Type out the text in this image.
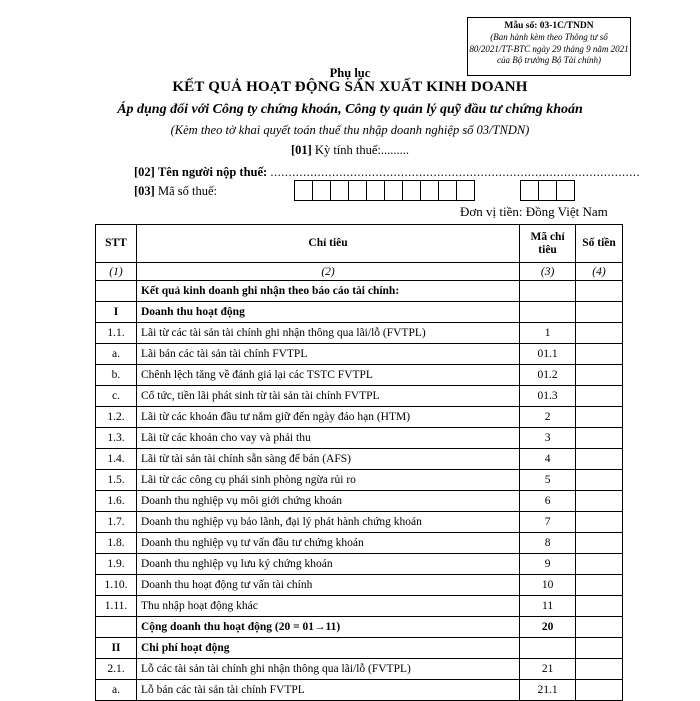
Mẫu số: 03-1C/TNDN
(Ban hành kèm theo Thông tư số 80/2021/TT-BTC ngày 29 tháng 9 năm 2021 của Bộ trưởng Bộ Tài chính)
Phụ lục
KẾT QUẢ HOẠT ĐỘNG SẢN XUẤT KINH DOANH
Áp dụng đối với Công ty chứng khoán, Công ty quản lý quỹ đầu tư chứng khoán
(Kèm theo tờ khai quyết toán thuế thu nhập doanh nghiệp số 03/TNDN)
[01] Kỳ tính thuế:.........
[02] Tên người nộp thuế: ......................................................................................................
[03] Mã số thuế:
Đơn vị tiền: Đồng Việt Nam
STT	Chỉ tiêu	Mã chỉ tiêu	Số tiền
(1)	(2)	(3)	(4)
	Kết quả kinh doanh ghi nhận theo báo cáo tài chính:		
I	Doanh thu hoạt động		
1.1.	Lãi từ các tài sản tài chính ghi nhận thông qua lãi/lỗ (FVTPL)	1	
a.	Lãi bán các tài sản tài chính FVTPL	01.1	
b.	Chênh lệch tăng về đánh giá lại các TSTC FVTPL	01.2	
c.	Cổ tức, tiền lãi phát sinh từ tài sản tài chính FVTPL	01.3	
1.2.	Lãi từ các khoản đầu tư nắm giữ đến ngày đáo hạn (HTM)	2	
1.3.	Lãi từ các khoản cho vay và phải thu	3	
1.4.	Lãi từ tài sản tài chính sẵn sàng để bán (AFS)	4	
1.5.	Lãi từ các công cụ phái sinh phòng ngừa rủi ro	5	
1.6.	Doanh thu nghiệp vụ môi giới chứng khoán	6	
1.7.	Doanh thu nghiệp vụ bảo lãnh, đại lý phát hành chứng khoán	7	
1.8.	Doanh thu nghiệp vụ tư vấn đầu tư chứng khoán	8	
1.9.	Doanh thu nghiệp vụ lưu ký chứng khoán	9	
1.10.	Doanh thu hoạt động tư vấn tài chính	10	
1.11.	Thu nhập hoạt động khác	11	
	Cộng doanh thu hoạt động (20 = 01→11)	20	
II	Chi phí hoạt động		
2.1.	Lỗ các tài sản tài chính ghi nhận thông qua lãi/lỗ (FVTPL)	21	
a.	Lỗ bán các tài sản tài chính FVTPL	21.1	
